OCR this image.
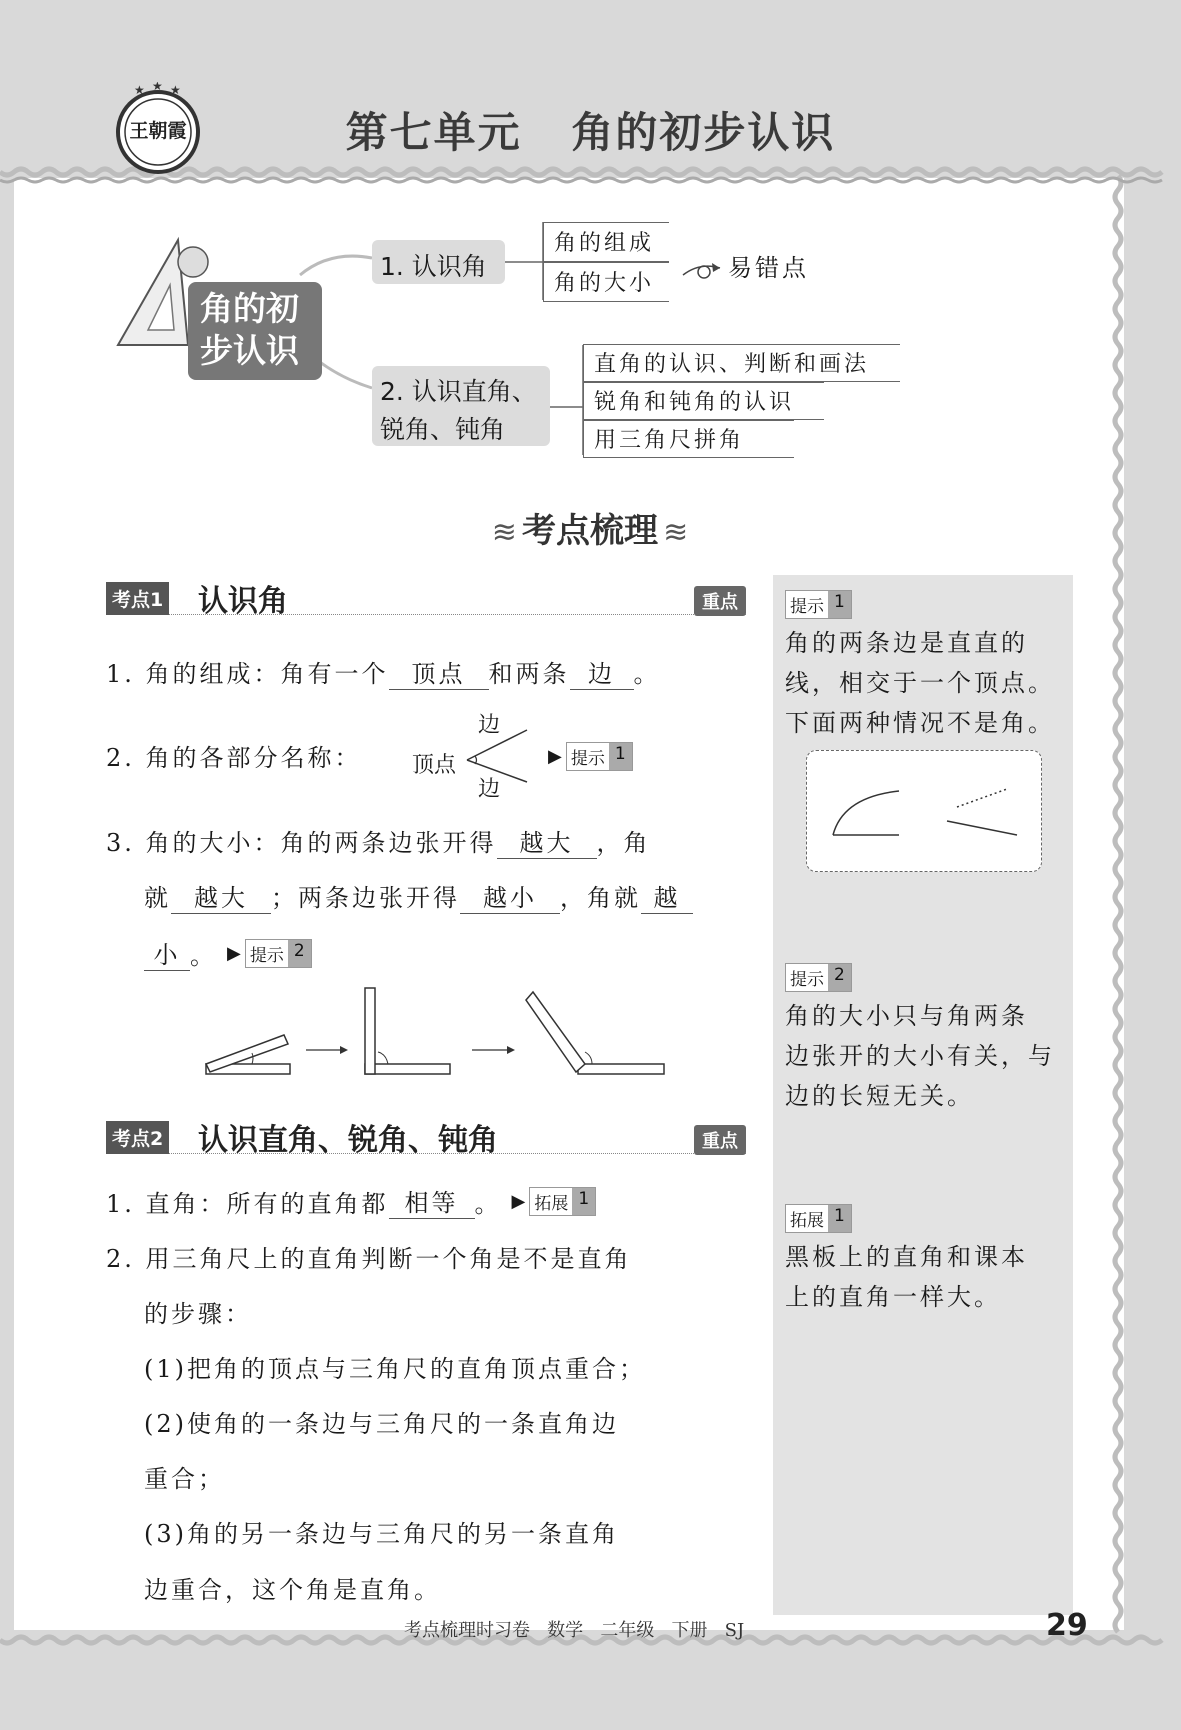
★ ★ ★
王朝霞	第七单元   角的初步认识
角的初步认识
1. 认识角
角的组成
角的大小
易错点
2. 认识直角、
锐角、钝角
直角的认识、判断和画法
锐角和钝角的认识
用三角尺拼角
≋ 考点梳理 ≋
考点1 认识角	重点
1. 角的组成：角有一个 顶点 和两条 边 。
2. 角的各部分名称： 顶点
边
边
▶ 提示 1
3. 角的大小：角的两条边张开得 越大 ，角
就 越大 ；两条边张开得 越小 ，角就 越
小 。 ▶ 提示 2
考点2 认识直角、锐角、钝角	重点
1. 直角：所有的直角都 相等 。 ▶ 拓展 1
2. 用三角尺上的直角判断一个角是不是直角
的步骤：
(1)把角的顶点与三角尺的直角顶点重合；
(2)使角的一条边与三角尺的一条直角边
重合；
(3)角的另一条边与三角尺的另一条直角
边重合，这个角是直角。
提示 1
角的两条边是直直的
线，相交于一个顶点。
下面两种情况不是角。
提示 2
角的大小只与角两条
边张开的大小有关，与
边的长短无关。
拓展 1
黑板上的直角和课本
上的直角一样大。
考点梳理时习卷   数学   二年级   下册   SJ	29
